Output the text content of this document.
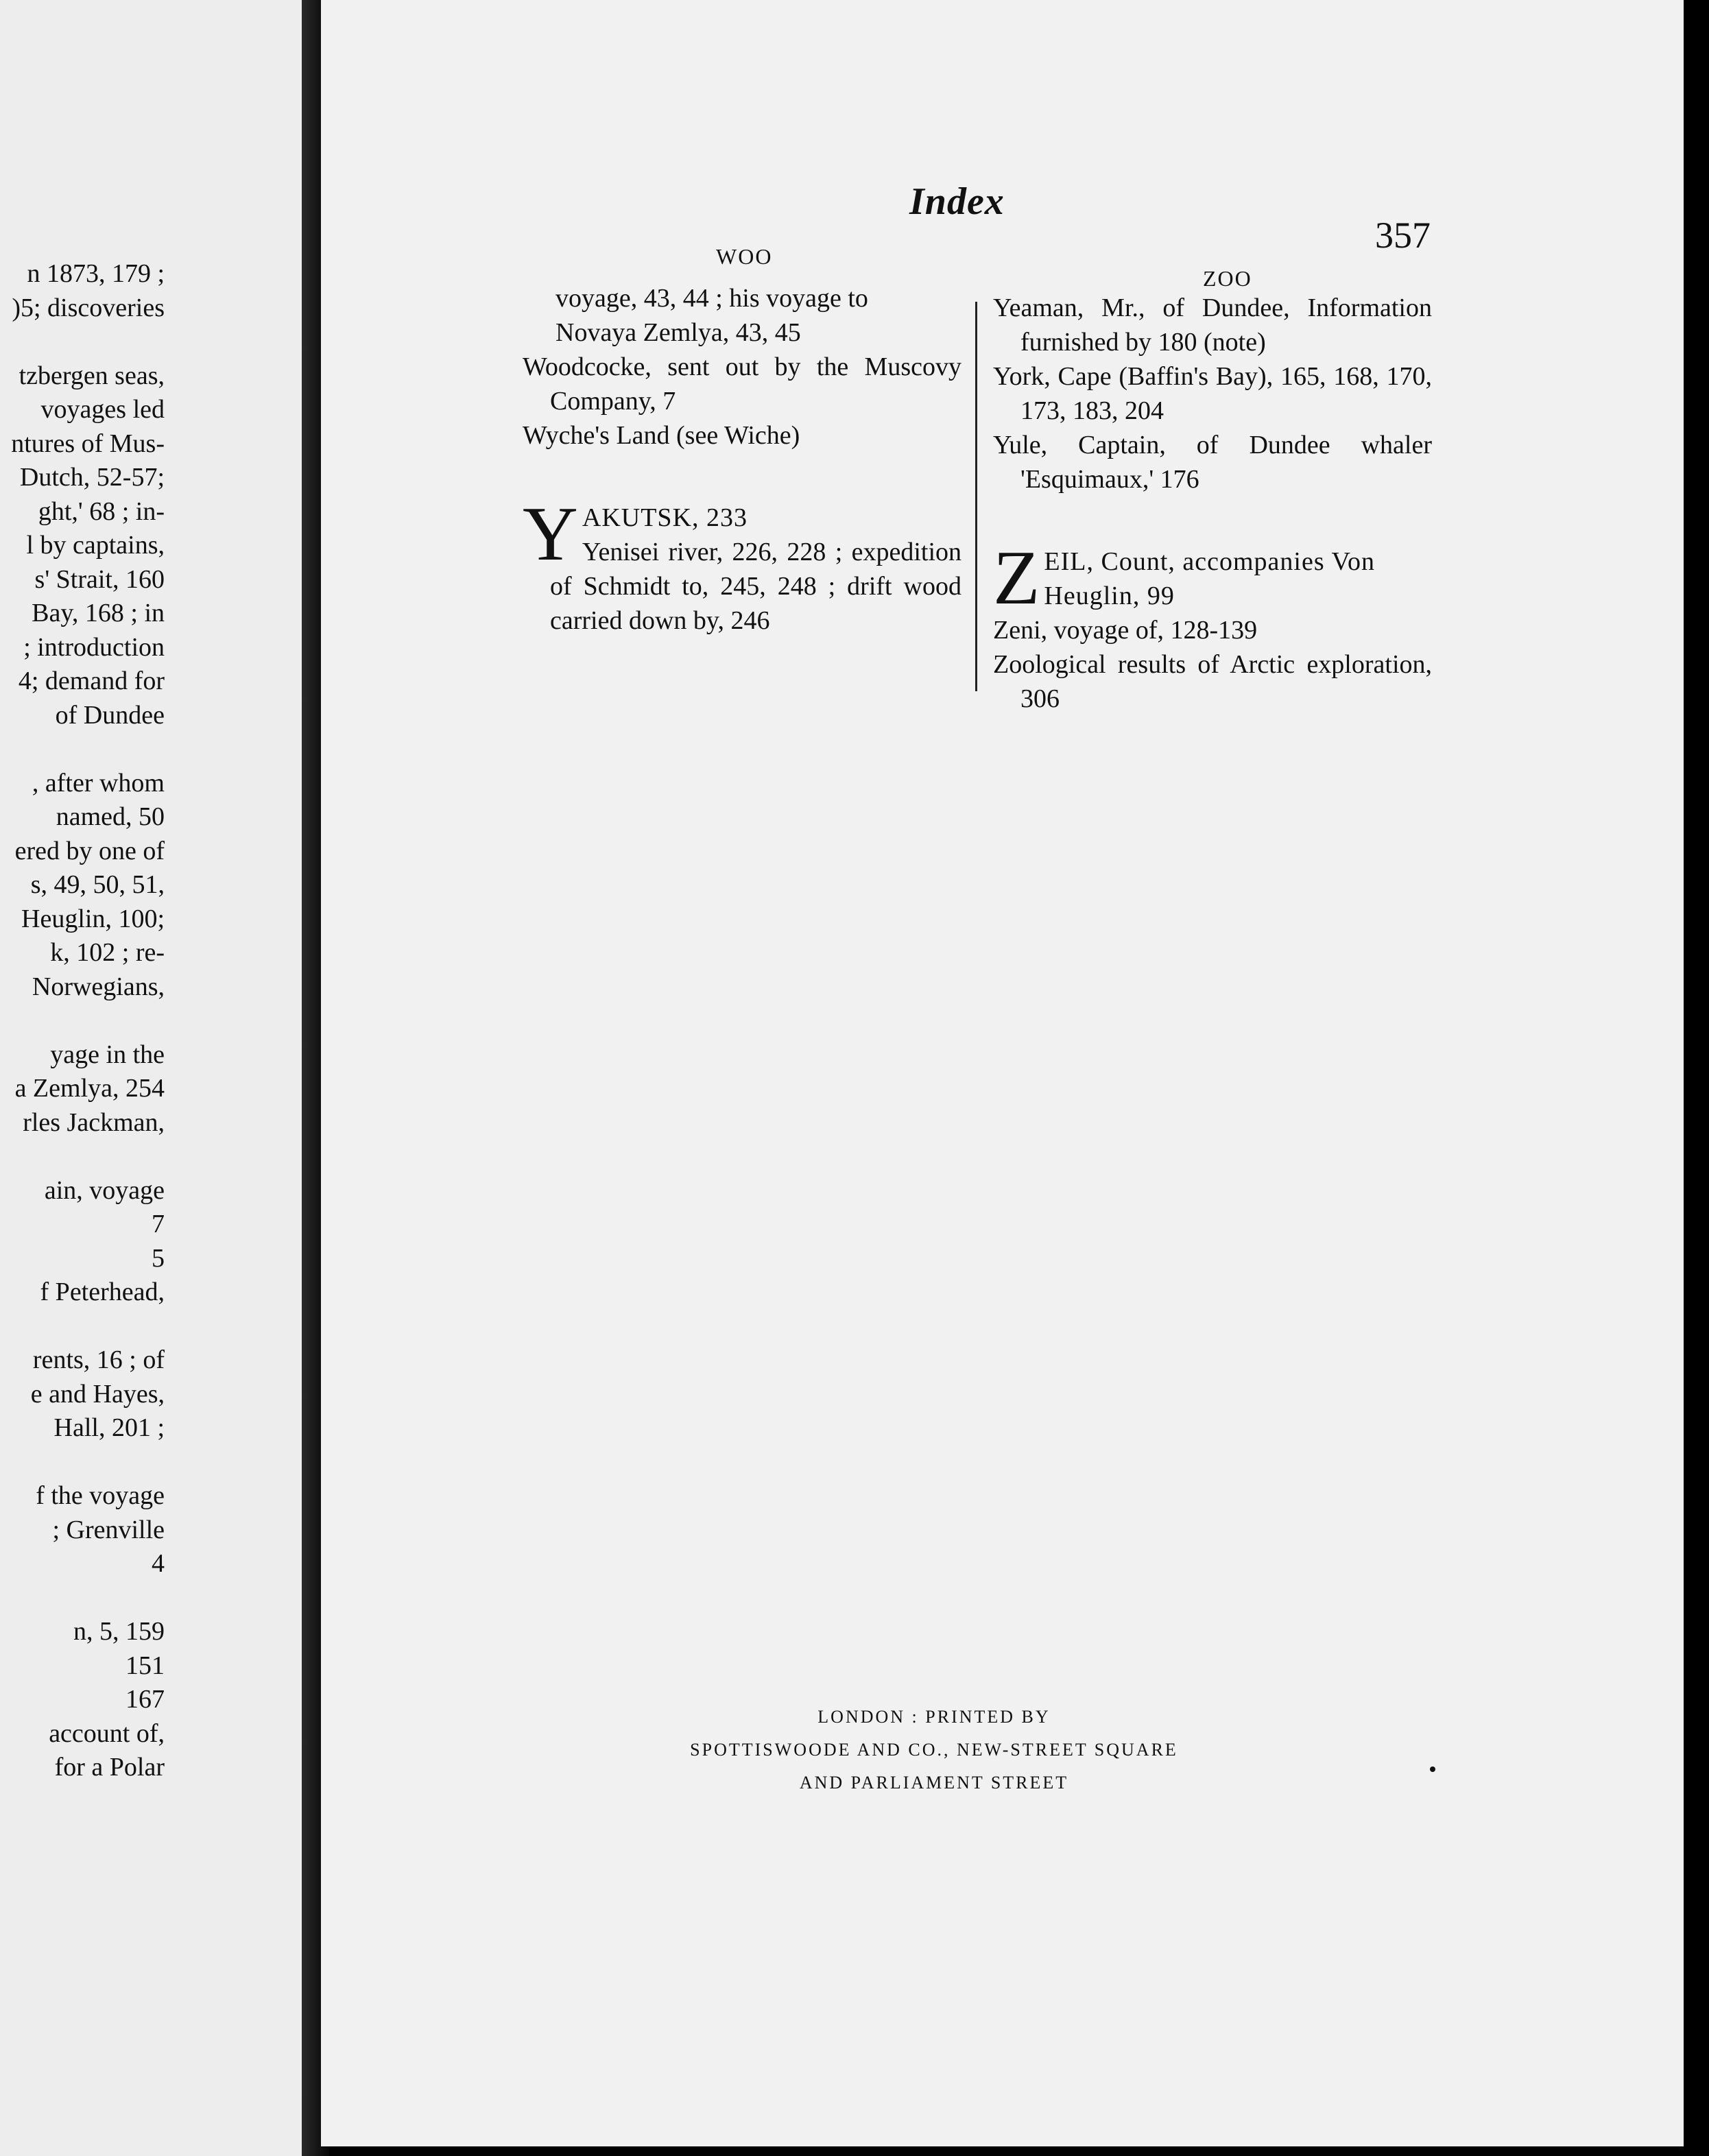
n 1873, 179 ;
)5; discoveries
tzbergen seas,
voyages led
ntures of Mus-
Dutch, 52-57;
ght,' 68 ; in-
l by captains,
s' Strait, 160
Bay, 168 ; in
; introduction
4; demand for
of Dundee
, after whom
named, 50
ered by one of
s, 49, 50, 51,
Heuglin, 100;
k, 102 ; re-
Norwegians,
yage in the
a Zemlya, 254
rles Jackman,
ain, voyage
7
5
f Peterhead,
rents, 16 ; of
e and Hayes,
Hall, 201 ;
f the voyage
; Grenville
4
n, 5, 159
151
167
account of,
for a Polar
Index
357
WOO
ZOO

voyage, 43, 44 ; his voyage to

Novaya Zemlya, 43, 45

Woodcocke, sent out by the Muscovy Company, 7

Wyche's Land (see Wiche)

Y AKUTSK, 233

Yenisei river, 226, 228 ; expedition of Schmidt to, 245, 248 ; drift wood carried down by, 246

Yeaman, Mr., of Dundee, Information furnished by 180 (note)

York, Cape (Baffin's Bay), 165, 168, 170, 173, 183, 204

Yule, Captain, of Dundee whaler 'Esquimaux,' 176

Z EIL, Count, accompanies Von Heuglin, 99

Zeni, voyage of, 128-139

Zoological results of Arctic exploration, 306

LONDON : PRINTED BY
SPOTTISWOODE AND CO., NEW-STREET SQUARE
AND PARLIAMENT STREET
